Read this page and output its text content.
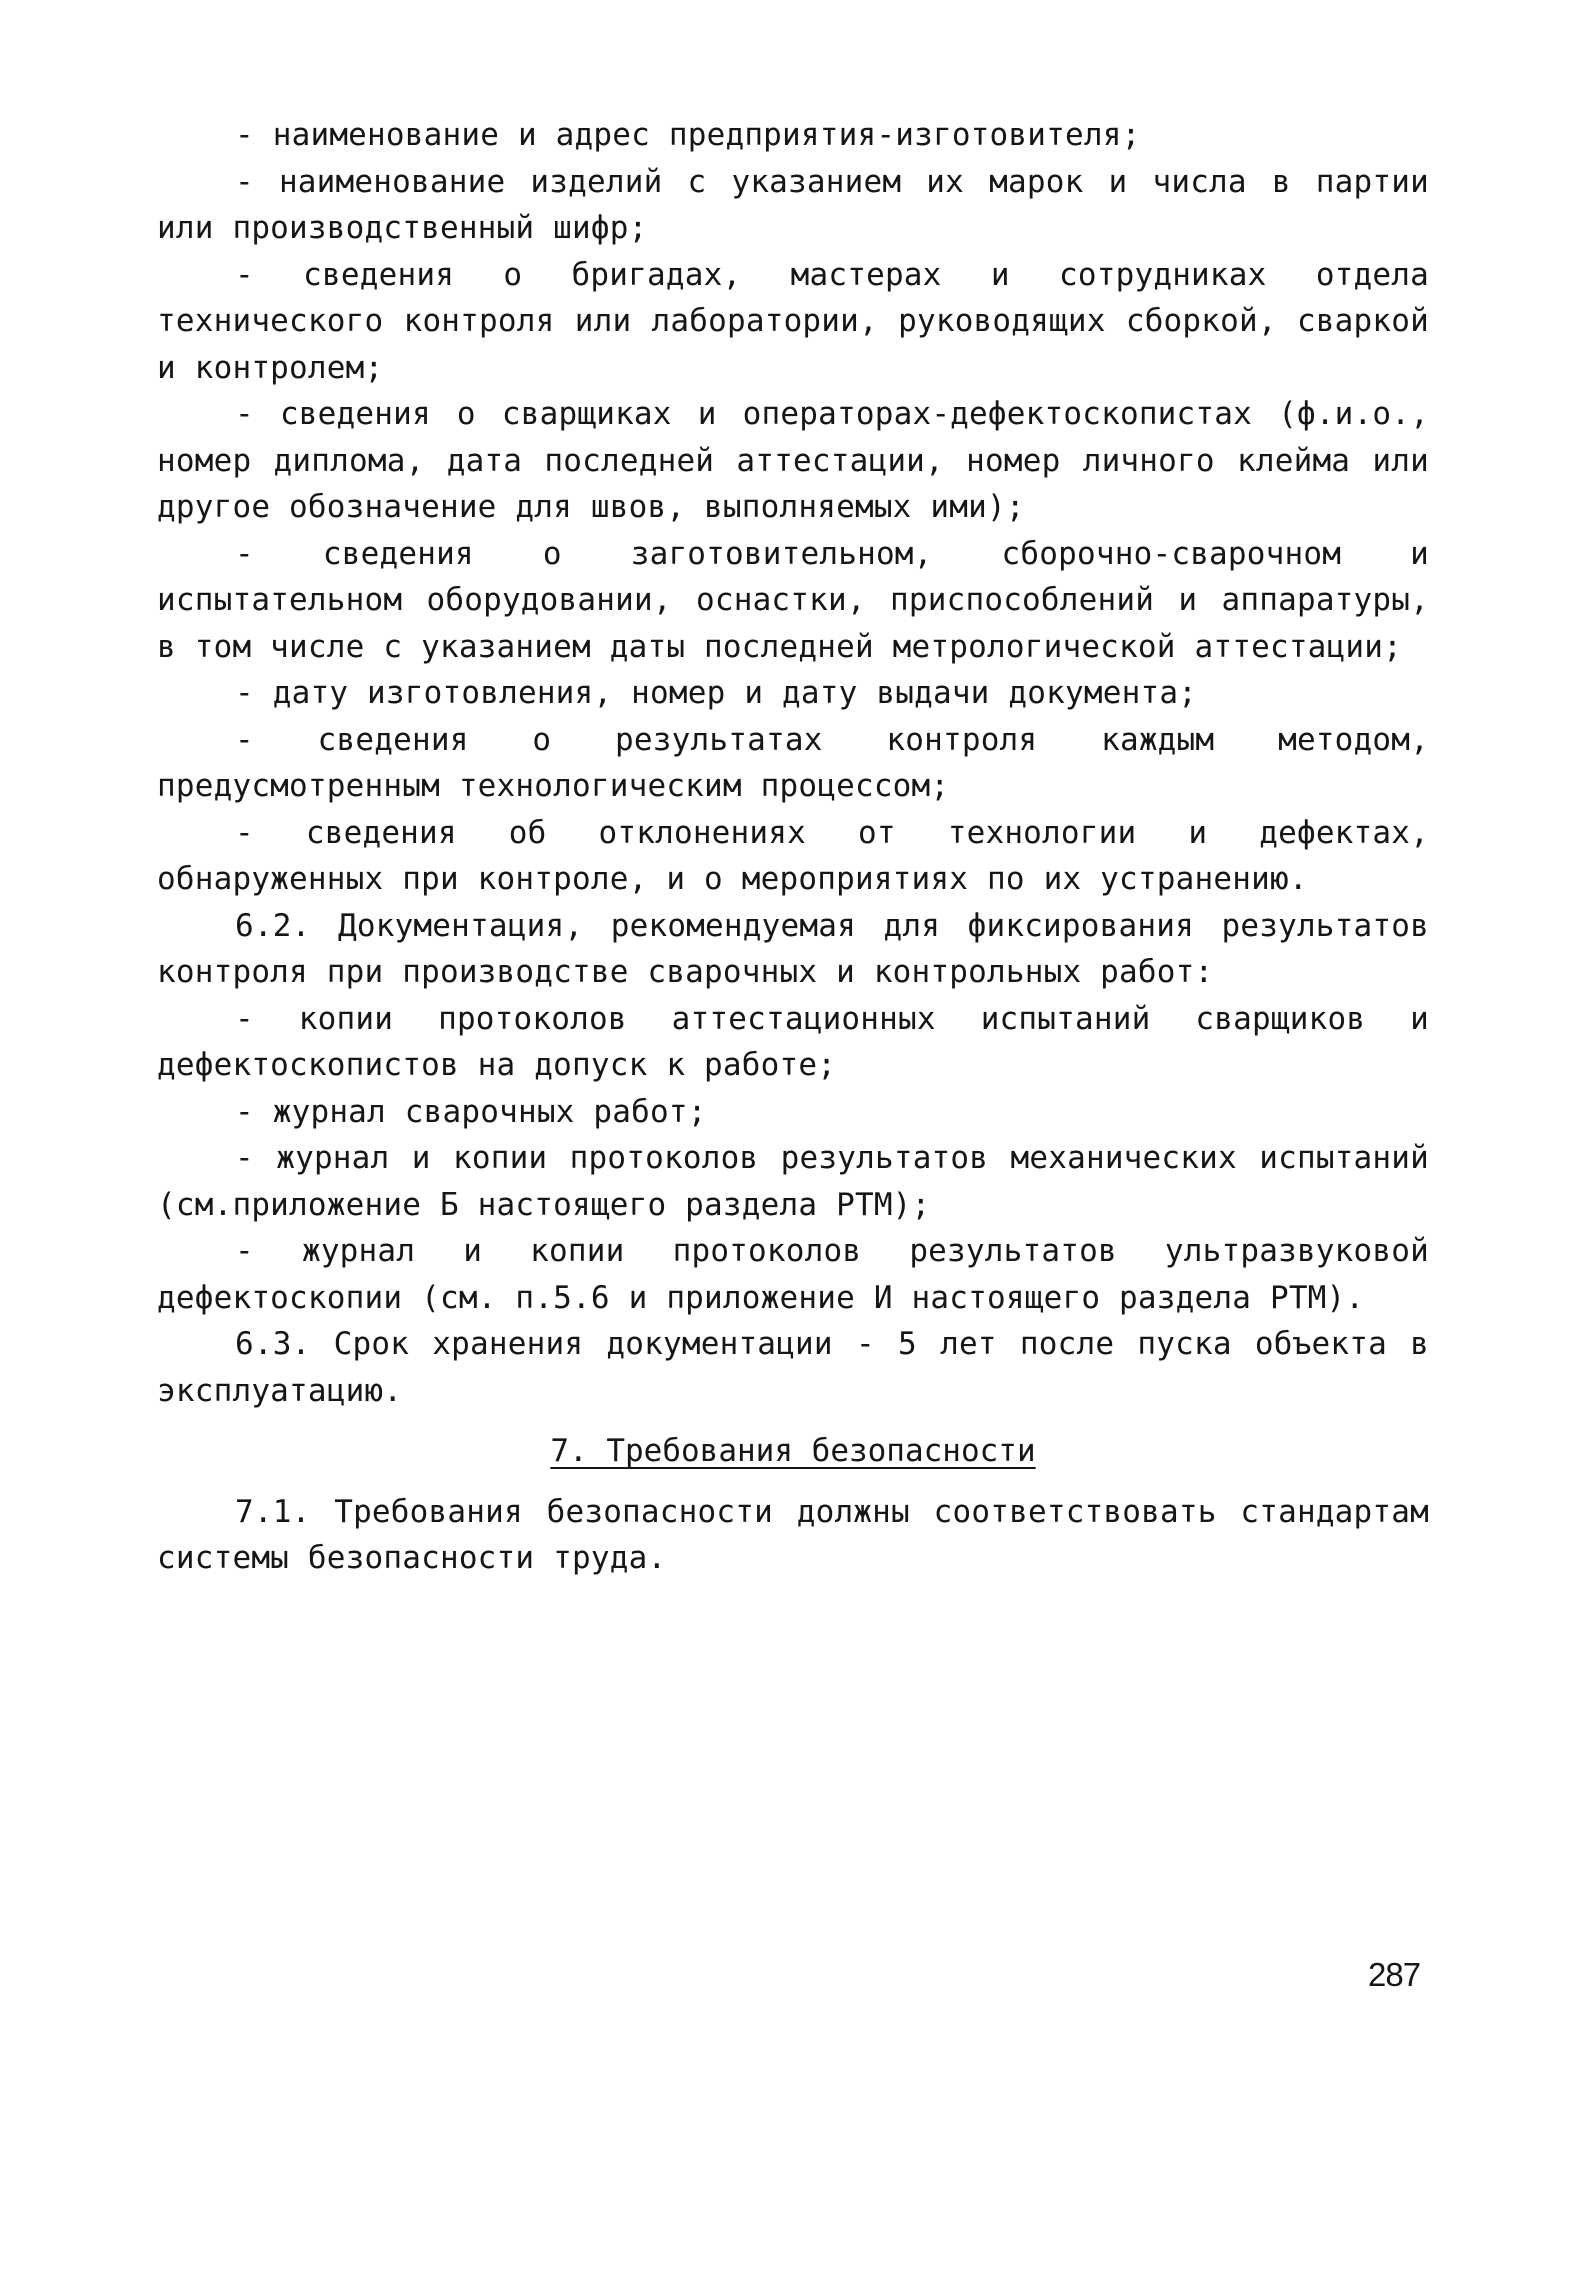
- наименование и адрес предприятия-изготовителя;

- наименование изделий с указанием их марок и числа в партии или производственный шифр;

- сведения о бригадах, мастерах и сотрудниках отдела технического контроля или лаборатории, руководящих сборкой, сваркой и контролем;

- сведения о сварщиках и операторах-дефектоскопистах (ф.и.о., номер диплома, дата последней аттестации, номер личного клейма или другое обозначение для швов, выполняемых ими);

- сведения о заготовительном, сборочно-сварочном и испытательном оборудовании, оснастки, приспособлений и аппаратуры, в том числе с указанием даты последней метрологической аттестации;

- дату изготовления, номер и дату выдачи документа;

- сведения о результатах контроля каждым методом, предусмотренным технологическим процессом;

- сведения об отклонениях от технологии и дефектах, обнаруженных при контроле, и о мероприятиях по их устранению.

6.2. Документация, рекомендуемая для фиксирования результатов контроля при производстве сварочных и контрольных работ:

- копии протоколов аттестационных испытаний сварщиков и дефектоскопистов на допуск к работе;

- журнал сварочных работ;

- журнал и копии протоколов результатов механических испытаний (см.приложение Б настоящего раздела РТМ);

- журнал и копии протоколов результатов ультразвуковой дефектоскопии (см. п.5.6 и приложение И настоящего раздела РТМ).

6.3. Срок хранения документации - 5 лет после пуска объекта в эксплуатацию.

7. Требования безопасности

7.1. Требования безопасности должны соответствовать стандартам системы безопасности труда.

287
